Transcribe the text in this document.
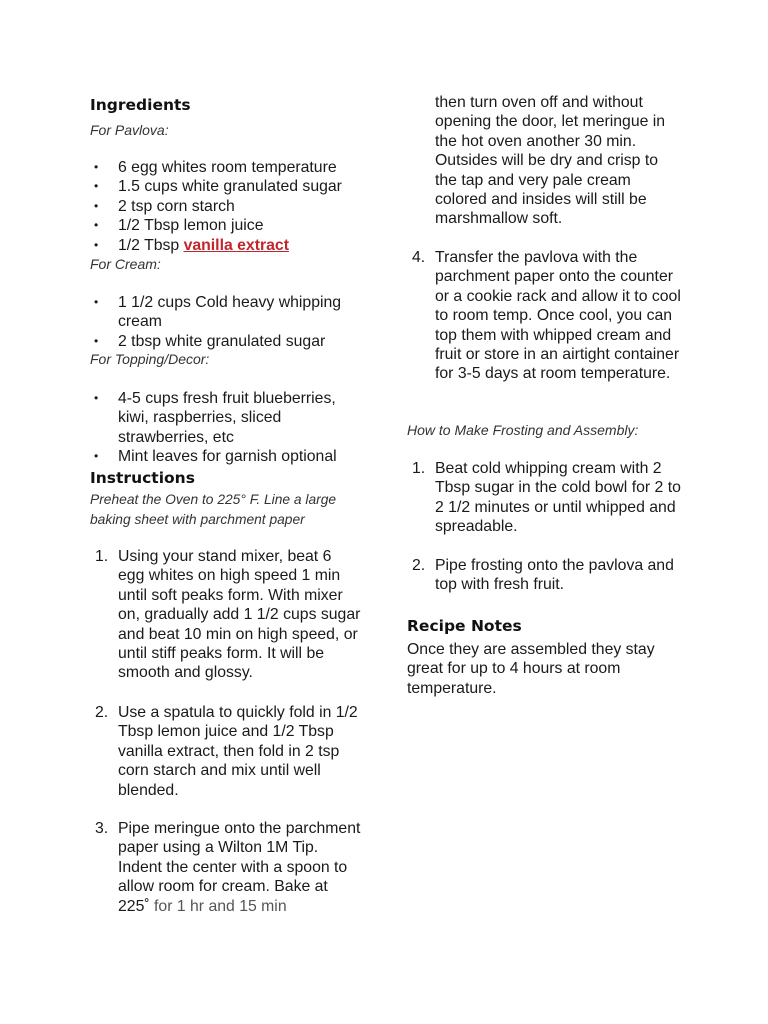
Ingredients

For Pavlova:

• 6 egg whites room temperature
• 1.5 cups white granulated sugar
• 2 tsp corn starch
• 1/2 Tbsp lemon juice
• 1/2 Tbsp vanilla extract

For Cream:

• 1 1/2 cups Cold heavy whipping cream
• 2 tbsp white granulated sugar

For Topping/Decor:

• 4-5 cups fresh fruit blueberries, kiwi, raspberries, sliced strawberries, etc
• Mint leaves for garnish optional
Instructions

Preheat the Oven to 225° F. Line a large baking sheet with parchment paper

1. Using your stand mixer, beat 6 egg whites on high speed 1 min until soft peaks form. With mixer on, gradually add 1 1/2 cups sugar and beat 10 min on high speed, or until stiff peaks form. It will be smooth and glossy.
2. Use a spatula to quickly fold in 1/2 Tbsp lemon juice and 1/2 Tbsp vanilla extract, then fold in 2 tsp corn starch and mix until well blended.
3. Pipe meringue onto the parchment paper using a Wilton 1M Tip. Indent the center with a spoon to allow room for cream. Bake at 225˚ for 1 hr and 15 min
then turn oven off and without opening the door, let meringue in the hot oven another 30 min. Outsides will be dry and crisp to the tap and very pale cream colored and insides will still be marshmallow soft.
4. Transfer the pavlova with the parchment paper onto the counter or a cookie rack and allow it to cool to room temp. Once cool, you can top them with whipped cream and fruit or store in an airtight container for 3-5 days at room temperature.

How to Make Frosting and Assembly:

1. Beat cold whipping cream with 2 Tbsp sugar in the cold bowl for 2 to 2 1/2 minutes or until whipped and spreadable.
2. Pipe frosting onto the pavlova and top with fresh fruit.
Recipe Notes

Once they are assembled they stay great for up to 4 hours at room temperature.
